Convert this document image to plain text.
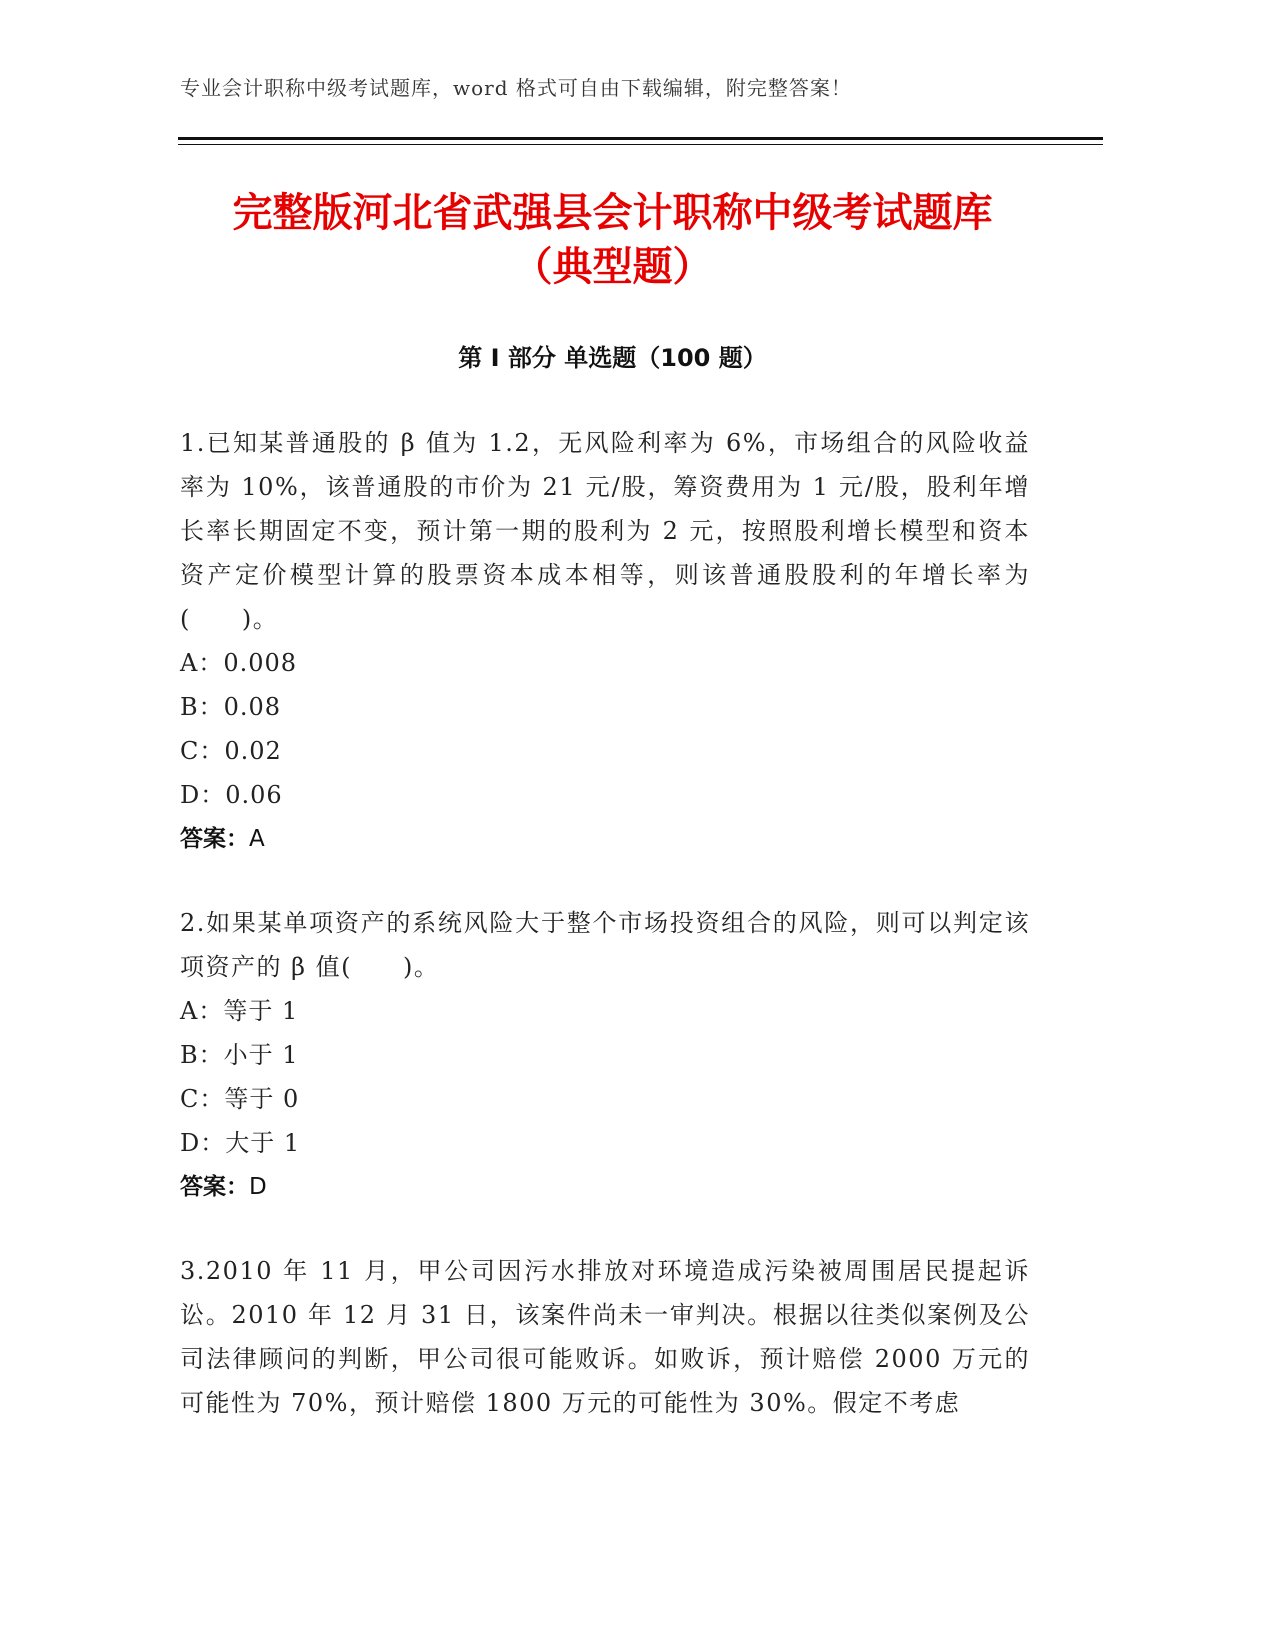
专业会计职称中级考试题库，word 格式可自由下载编辑，附完整答案！
完整版河北省武强县会计职称中级考试题库
（典型题）
第 I 部分 单选题（100 题）
1.已知某普通股的 β 值为 1.2，无风险利率为 6%，市场组合的风险收益率为 10%，该普通股的市价为 21 元/股，筹资费用为 1 元/股，股利年增长率长期固定不变，预计第一期的股利为 2 元，按照股利增长模型和资本资产定价模型计算的股票资本成本相等，则该普通股股利的年增长率为(　　)。
A：0.008
B：0.08
C：0.02
D：0.06
答案：A
2.如果某单项资产的系统风险大于整个市场投资组合的风险，则可以判定该项资产的 β 值(　　)。
A：等于 1
B：小于 1
C：等于 0
D：大于 1
答案：D
3.2010 年 11 月，甲公司因污水排放对环境造成污染被周围居民提起诉讼。2010 年 12 月 31 日，该案件尚未一审判决。根据以往类似案例及公司法律顾问的判断，甲公司很可能败诉。如败诉，预计赔偿 2000 万元的可能性为 70%，预计赔偿 1800 万元的可能性为 30%。假定不考虑
